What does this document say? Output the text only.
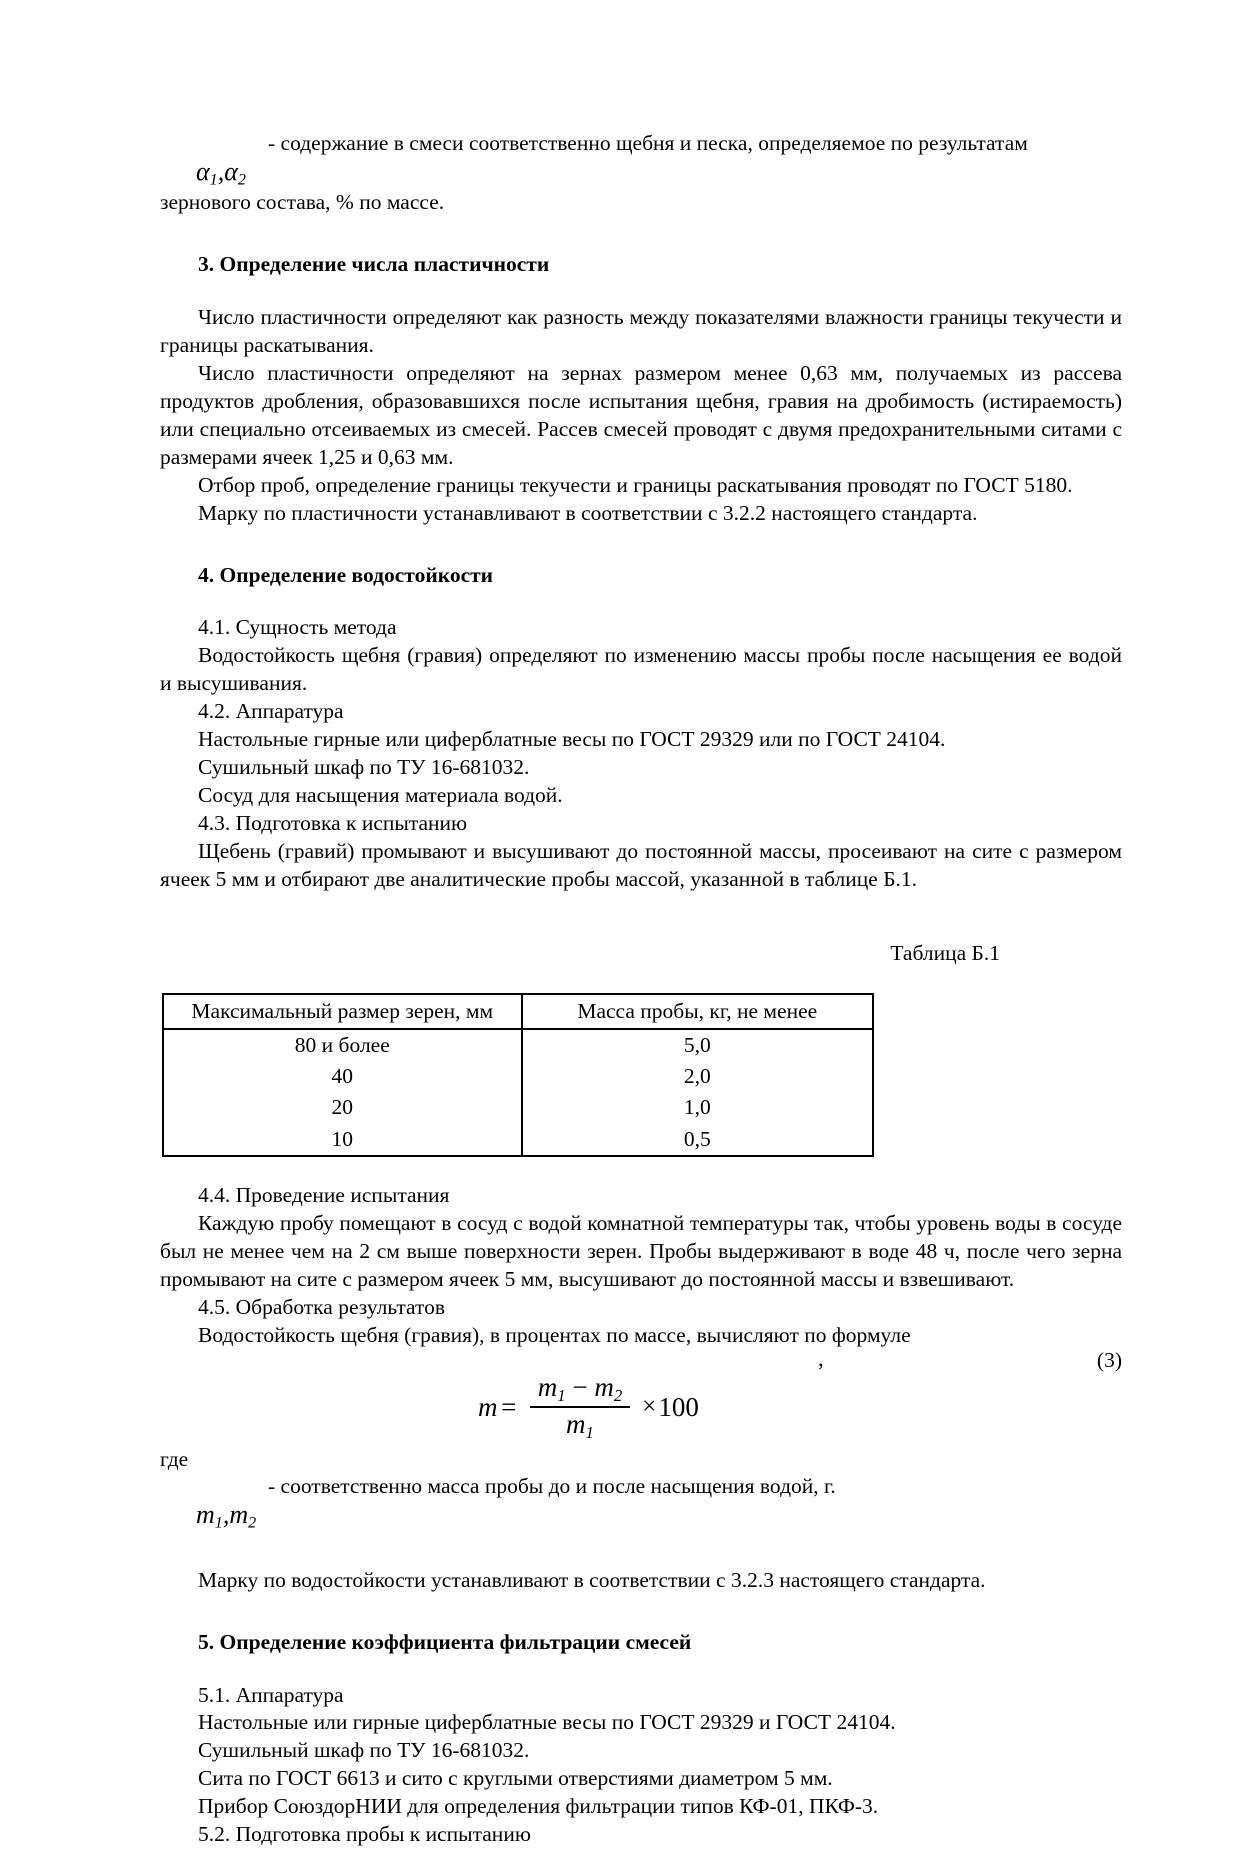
- содержание в смеси соответственно щебня и песка, определяемое по результатам

$\alpha_1,\alpha_2$

зернового состава, % по массе.

3. Определение числа пластичности

Число пластичности определяют как разность между показателями влажности границы текучести и границы раскатывания.

Число пластичности определяют на зернах размером менее 0,63 мм, получаемых из рассева продуктов дробления, образовавшихся после испытания щебня, гравия на дробимость (истираемость) или специально отсеиваемых из смесей. Рассев смесей проводят с двумя предохранительными ситами с размерами ячеек 1,25 и 0,63 мм.

Отбор проб, определение границы текучести и границы раскатывания проводят по ГОСТ 5180.

Марку по пластичности устанавливают в соответствии с 3.2.2 настоящего стандарта.

4. Определение водостойкости

4.1. Сущность метода

Водостойкость щебня (гравия) определяют по изменению массы пробы после насыщения ее водой и высушивания.

4.2. Аппаратура

Настольные гирные или циферблатные весы по ГОСТ 29329 или по ГОСТ 24104.

Сушильный шкаф по ТУ 16-681032.

Сосуд для насыщения материала водой.

4.3. Подготовка к испытанию

Щебень (гравий) промывают и высушивают до постоянной массы, просеивают на сите с размером ячеек 5 мм и отбирают две аналитические пробы массой, указанной в таблице Б.1.

Таблица Б.1

Максимальный размер зерен, мм	Масса пробы, кг, не менее
80 и более	5,0
40	2,0
20	1,0
10	0,5

4.4. Проведение испытания

Каждую пробу помещают в сосуд с водой комнатной температуры так, чтобы уровень воды в сосуде был не менее чем на 2 см выше поверхности зерен. Пробы выдерживают в воде 48 ч, после чего зерна промывают на сите с размером ячеек 5 мм, высушивают до постоянной массы и взвешивают.

4.5. Обработка результатов

Водостойкость щебня (гравия), в процентах по массе, вычисляют по формуле

,	(3)
$m = \frac{m_1 - m_2}{m_1} \times 100$

где

- соответственно масса пробы до и после насыщения водой, г.

$m_1,m_2$

Марку по водостойкости устанавливают в соответствии с 3.2.3 настоящего стандарта.

5. Определение коэффициента фильтрации смесей

5.1. Аппаратура

Настольные или гирные циферблатные весы по ГОСТ 29329 и ГОСТ 24104.

Сушильный шкаф по ТУ 16-681032.

Сита по ГОСТ 6613 и сито с круглыми отверстиями диаметром 5 мм.

Прибор СоюздорНИИ для определения фильтрации типов КФ-01, ПКФ-3.

5.2. Подготовка пробы к испытанию
